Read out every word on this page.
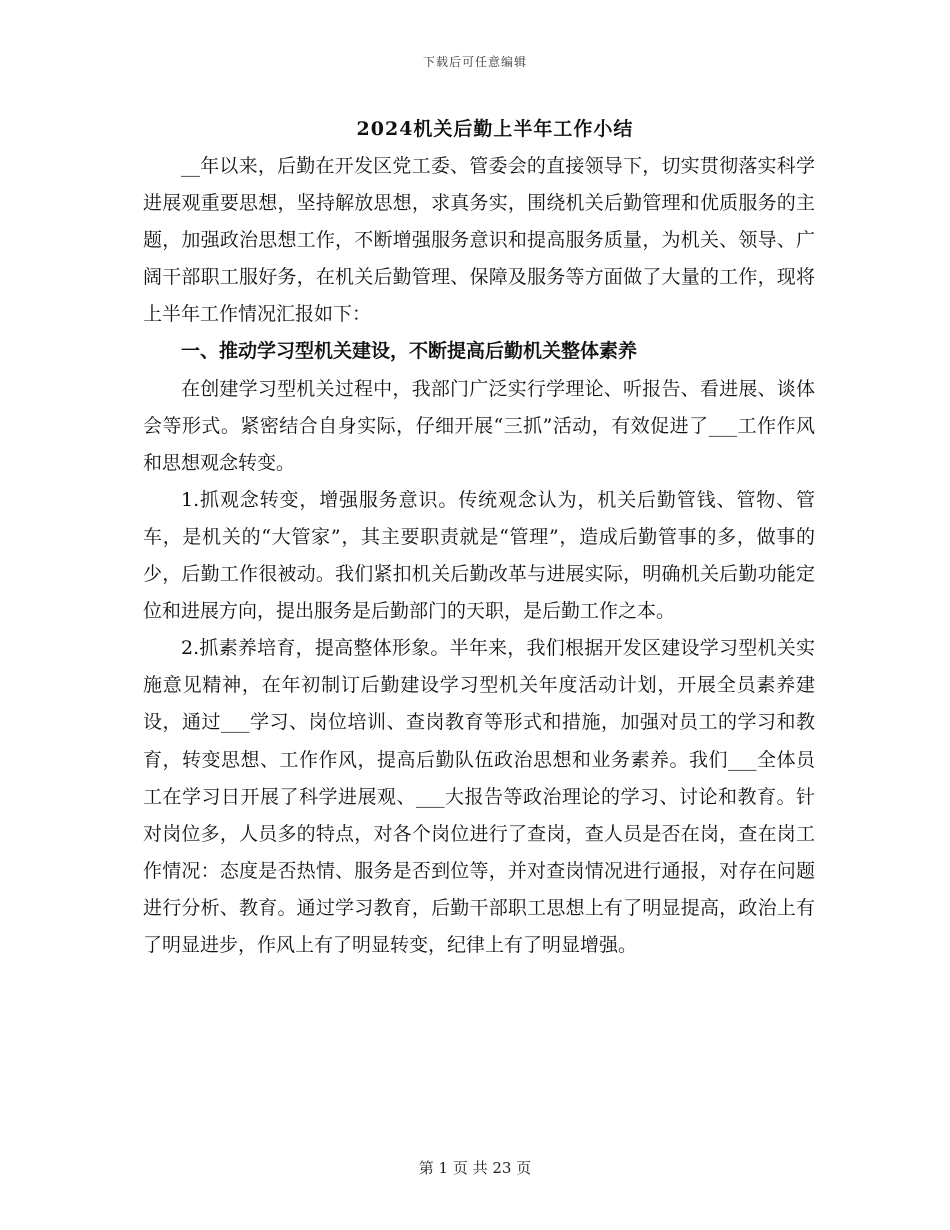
下载后可任意编辑
2024机关后勤上半年工作小结

__年以来，后勤在开发区党工委、管委会的直接领导下，切实贯彻落实科学进展观重要思想，坚持解放思想，求真务实，围绕机关后勤管理和优质服务的主题，加强政治思想工作，不断增强服务意识和提高服务质量，为机关、领导、广阔干部职工服好务，在机关后勤管理、保障及服务等方面做了大量的工作，现将上半年工作情况汇报如下：

一、推动学习型机关建设，不断提高后勤机关整体素养

在创建学习型机关过程中，我部门广泛实行学理论、听报告、看进展、谈体会等形式。紧密结合自身实际，仔细开展“三抓”活动，有效促进了___工作作风和思想观念转变。

1.抓观念转变，增强服务意识。传统观念认为，机关后勤管钱、管物、管车，是机关的“大管家”，其主要职责就是“管理”，造成后勤管事的多，做事的少，后勤工作很被动。我们紧扣机关后勤改革与进展实际，明确机关后勤功能定位和进展方向，提出服务是后勤部门的天职，是后勤工作之本。

2.抓素养培育，提高整体形象。半年来，我们根据开发区建设学习型机关实施意见精神，在年初制订后勤建设学习型机关年度活动计划，开展全员素养建设，通过___学习、岗位培训、查岗教育等形式和措施，加强对员工的学习和教育，转变思想、工作作风，提高后勤队伍政治思想和业务素养。我们___全体员工在学习日开展了科学进展观、___大报告等政治理论的学习、讨论和教育。针对岗位多，人员多的特点，对各个岗位进行了查岗，查人员是否在岗，查在岗工作情况：态度是否热情、服务是否到位等，并对查岗情况进行通报，对存在问题进行分析、教育。通过学习教育，后勤干部职工思想上有了明显提高，政治上有了明显进步，作风上有了明显转变，纪律上有了明显增强。

第 1 页 共 23 页
